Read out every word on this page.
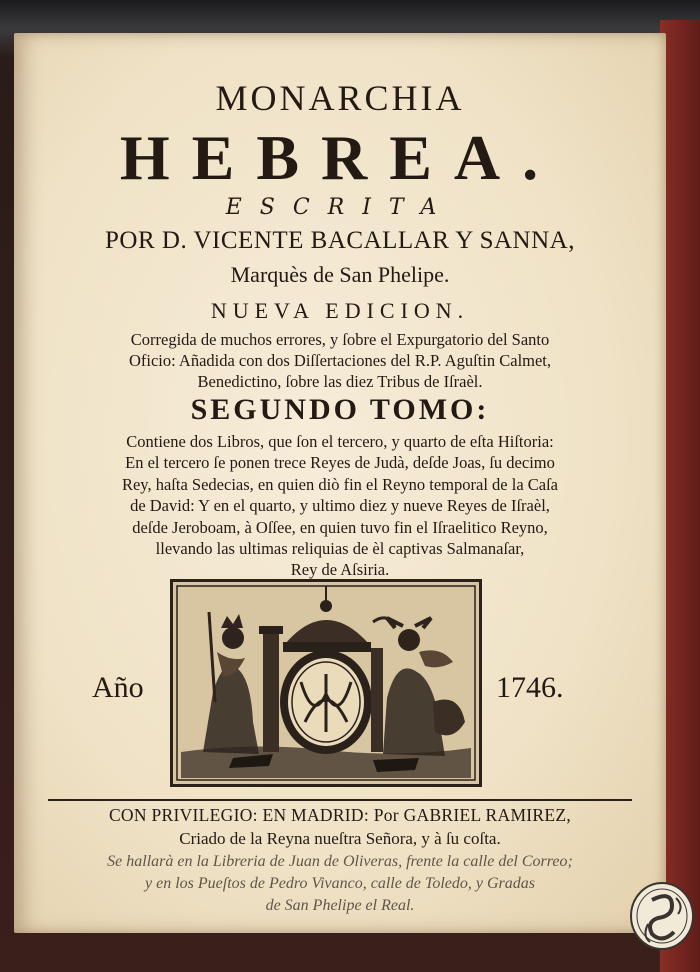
MONARCHIA
HEBREA.
ESCRITA
POR D. VICENTE BACALLAR Y SANNA,
Marquès de San Phelipe.
NUEVA EDICION.
Corregida de muchos errores, y ſobre el Expurgatorio del Santo
Oficio: Añadida con dos Diſſertaciones del R.P. Aguſtin Calmet,
Benedictino, ſobre las diez Tribus de Iſraèl.
SEGUNDO TOMO:
Contiene dos Libros, que ſon el tercero, y quarto de eſta Hiſtoria:
En el tercero ſe ponen trece Reyes de Judà, deſde Joas, ſu decimo
Rey, haſta Sedecias, en quien diò fin el Reyno temporal de la Caſa
de David: Y en el quarto, y ultimo diez y nueve Reyes de Iſraèl,
deſde Jeroboam, à Oſſee, en quien tuvo fin el Iſraelitico Reyno,
llevando las ultimas reliquias de èl captivas Salmanaſar,
Rey de Aſsiria.
Año	1746.
CON PRIVILEGIO: EN MADRID: Por GABRIEL RAMIREZ,
Criado de la Reyna nueſtra Señora, y à ſu coſta.
Se hallarà en la Libreria de Juan de Oliveras, frente la calle del Correo;
y en los Pueſtos de Pedro Vivanco, calle de Toledo, y Gradas
de San Phelipe el Real.
